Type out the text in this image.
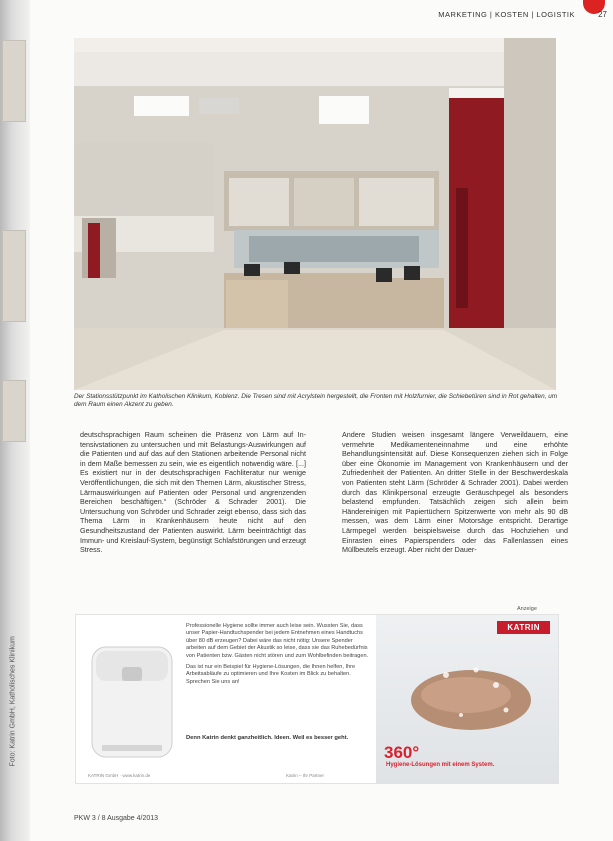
Foto: Katrin GmbH, Katholisches Klinikum
MARKETING | KOSTEN | LOGISTIK	27
Der Stationsstützpunkt im Katholischen Klinikum, Koblenz. Die Tresen sind mit Acrylstein hergestellt, die Fronten mit Holzfurnier, die Schiebetüren sind in Rot gehalten, um dem Raum einen Akzent zu geben.
deutschsprachigen Raum scheinen die Präsenz von Lärm auf In-tensivstationen zu untersuchen und mit Belastungs-Auswirkungen auf die Patienten und auf das auf den Stationen arbeitende Personal nicht in dem Maße bemessen zu sein, wie es eigentlich notwendig wäre. [...] Es existiert nur in der deutschsprachigen Fachliteratur nur wenige Veröffentlichungen, die sich mit den Themen Lärm, akustischer Stress, Lärmauswirkungen auf Patienten oder Personal und angrenzenden Bereichen beschäftigen.“ (Schröder & Schrader 2001). Die Untersuchung von Schröder und Schrader zeigt ebenso, dass sich das Thema Lärm in Krankenhäusern heute nicht auf den Gesundheitszustand der Patienten auswirkt. Lärm beeinträchtigt das Immun- und Kreislauf-System, begünstigt Schlafstörungen und erzeugt Stress.
Andere Studien weisen insgesamt längere Verweildauern, eine vermehrte Medikamenteneinnahme und eine erhöhte Behandlungsintensität auf. Diese Konsequenzen ziehen sich in Folge über eine Ökonomie im Management von Krankenhäusern und der Zufriedenheit der Patienten. An dritter Stelle in der Beschwerdeskala von Patienten steht Lärm (Schröder & Schrader 2001). Dabei werden durch das Klinikpersonal erzeugte Geräuschpegel als besonders belastend empfunden. Tatsächlich zeigen sich allein beim Händereinigen mit Papiertüchern Spitzenwerte von mehr als 90 dB messen, was dem Lärm einer Motorsäge entspricht. Derartige Lärmpegel werden beispielsweise durch das Hochziehen und Einrasten eines Papierspenders oder das Fallenlassen eines Müllbeutels erzeugt. Aber nicht der Dauer-
Anzeige
Professionelle Hygiene sollte immer auch leise sein. Wussten Sie, dass unser Papier-Handtuchspender bei jedem Entnehmen eines Handtuchs über 80 dB erzeugen? Dabei wäre das nicht nötig: Unsere Spender arbeiten auf dem Gebiet der Akustik so leise, dass sie das Ruhebedürfnis von Patienten bzw. Gästen nicht stören und zum Wohlbefinden beitragen.
Das ist nur ein Beispiel für Hygiene-Lösungen, die Ihnen helfen, Ihre Arbeitsabläufe zu optimieren und Ihre Kosten im Blick zu behalten. Sprechen Sie uns an!
Denn Katrin denkt ganzheitlich. Ideen. Weil es besser geht.
KATRIN GmbH · www.katrin.de	Katrin – Ihr Partner
KATRIN
360°
Hygiene-Lösungen mit einem System.
PKW 3 / 8 Ausgabe 4/2013
